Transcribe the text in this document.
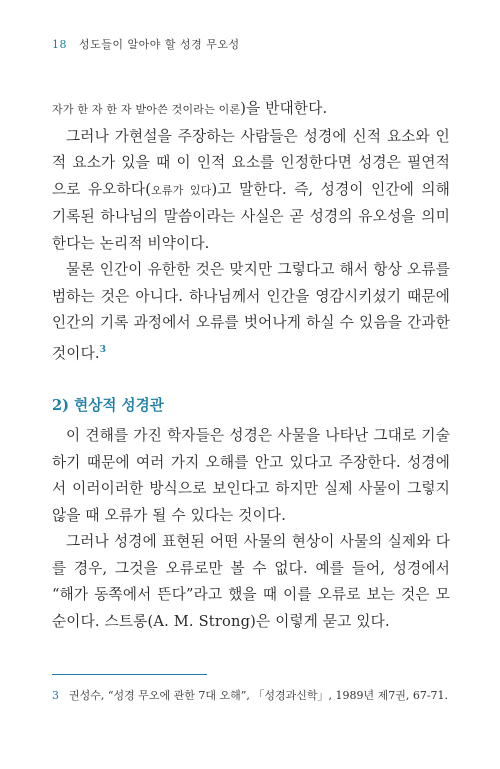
18 성도들이 알아야 할 성경 무오성

자가 한 자 한 자 받아쓴 것이라는 이론)을 반대한다.

그러나 가현설을 주장하는 사람들은 성경에 신적 요소와 인적 요소가 있을 때 이 인적 요소를 인정한다면 성경은 필연적으로 유오하다(오류가 있다)고 말한다. 즉, 성경이 인간에 의해 기록된 하나님의 말씀이라는 사실은 곧 성경의 유오성을 의미한다는 논리적 비약이다.

물론 인간이 유한한 것은 맞지만 그렇다고 해서 항상 오류를 범하는 것은 아니다. 하나님께서 인간을 영감시키셨기 때문에 인간의 기록 과정에서 오류를 벗어나게 하실 수 있음을 간과한 것이다.$^3$

2) 현상적 성경관

이 견해를 가진 학자들은 성경은 사물을 나타난 그대로 기술하기 때문에 여러 가지 오해를 안고 있다고 주장한다. 성경에서 이러이러한 방식으로 보인다고 하지만 실제 사물이 그렇지 않을 때 오류가 될 수 있다는 것이다.

그러나 성경에 표현된 어떤 사물의 현상이 사물의 실제와 다를 경우, 그것을 오류로만 볼 수 없다. 예를 들어, 성경에서 “해가 동쪽에서 뜬다”라고 했을 때 이를 오류로 보는 것은 모순이다. 스트롱(A. M. Strong)은 이렇게 묻고 있다.

3 권성수, “성경 무오에 관한 7대 오해”, 「성경과신학」, 1989년 제7권, 67-71.
